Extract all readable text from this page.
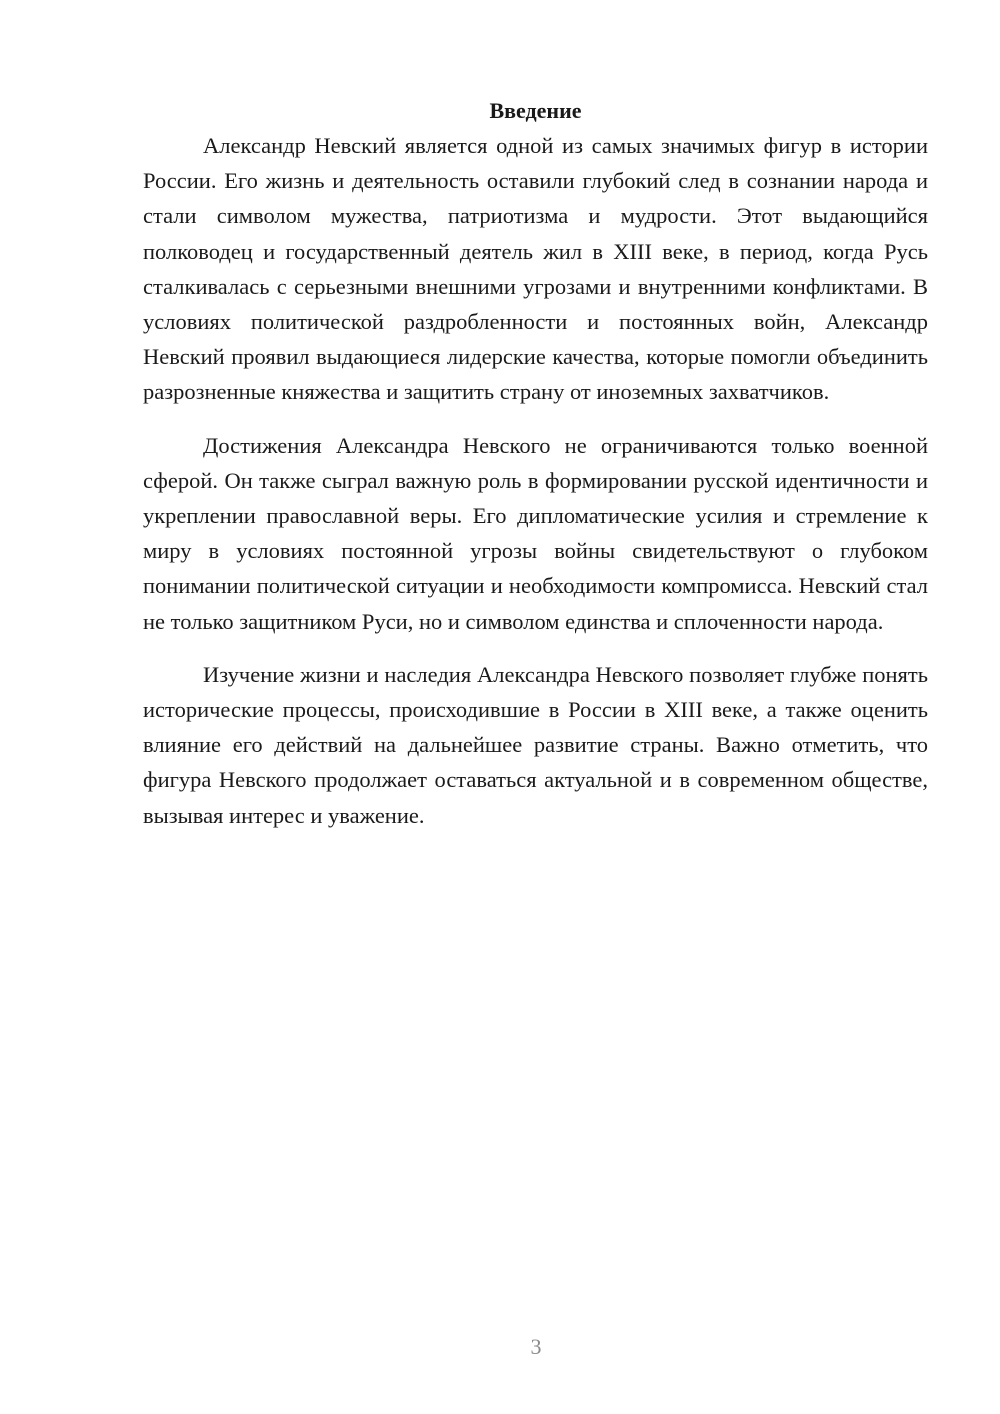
Введение

Александр Невский является одной из самых значимых фигур в истории России. Его жизнь и деятельность оставили глубокий след в сознании народа и стали символом мужества, патриотизма и мудрости. Этот выдающийся полководец и государственный деятель жил в XIII веке, в период, когда Русь сталкивалась с серьезными внешними угрозами и внутренними конфликтами. В условиях политической раздробленности и постоянных войн, Александр Невский проявил выдающиеся лидерские качества, которые помогли объединить разрозненные княжества и защитить страну от иноземных захватчиков.

Достижения Александра Невского не ограничиваются только военной сферой. Он также сыграл важную роль в формировании русской идентичности и укреплении православной веры. Его дипломатические усилия и стремление к миру в условиях постоянной угрозы войны свидетельствуют о глубоком понимании политической ситуации и необходимости компромисса. Невский стал не только защитником Руси, но и символом единства и сплоченности народа.

Изучение жизни и наследия Александра Невского позволяет глубже понять исторические процессы, происходившие в России в XIII веке, а также оценить влияние его действий на дальнейшее развитие страны. Важно отметить, что фигура Невского продолжает оставаться актуальной и в современном обществе, вызывая интерес и уважение.

3
